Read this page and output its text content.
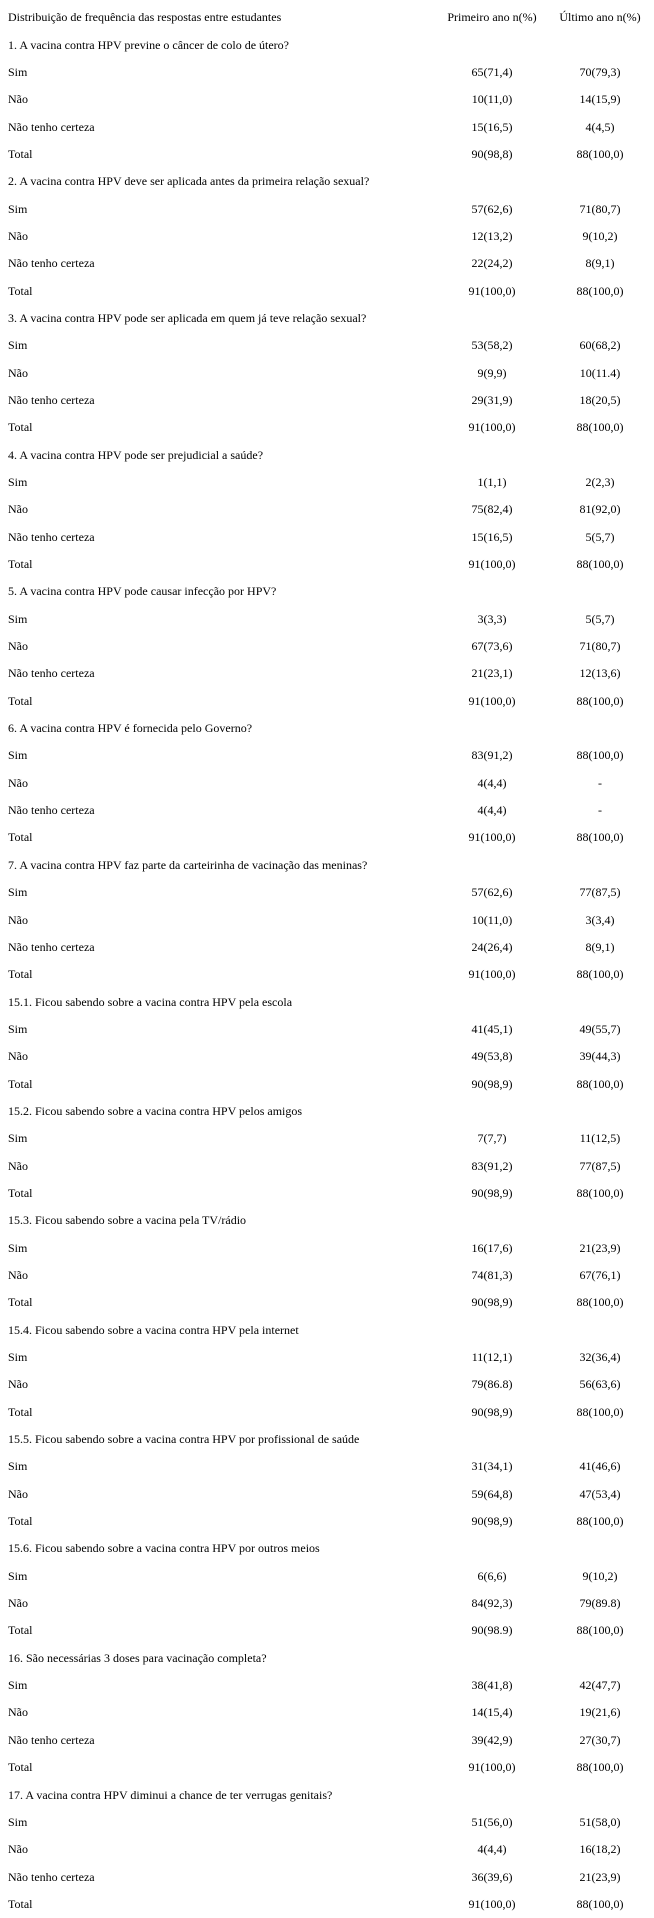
Distribuição de frequência das respostas entre estudantes	Primeiro ano n(%)	Último ano n(%)
1. A vacina contra HPV previne o câncer de colo de útero?
Sim	65(71,4)	70(79,3)
Não	10(11,0)	14(15,9)
Não tenho certeza	15(16,5)	4(4,5)
Total	90(98,8)	88(100,0)
2. A vacina contra HPV deve ser aplicada antes da primeira relação sexual?
Sim	57(62,6)	71(80,7)
Não	12(13,2)	9(10,2)
Não tenho certeza	22(24,2)	8(9,1)
Total	91(100,0)	88(100,0)
3. A vacina contra HPV pode ser aplicada em quem já teve relação sexual?
Sim	53(58,2)	60(68,2)
Não	9(9,9)	10(11.4)
Não tenho certeza	29(31,9)	18(20,5)
Total	91(100,0)	88(100,0)
4. A vacina contra HPV pode ser prejudicial a saúde?
Sim	1(1,1)	2(2,3)
Não	75(82,4)	81(92,0)
Não tenho certeza	15(16,5)	5(5,7)
Total	91(100,0)	88(100,0)
5. A vacina contra HPV pode causar infecção por HPV?
Sim	3(3,3)	5(5,7)
Não	67(73,6)	71(80,7)
Não tenho certeza	21(23,1)	12(13,6)
Total	91(100,0)	88(100,0)
6. A vacina contra HPV é fornecida pelo Governo?
Sim	83(91,2)	88(100,0)
Não	4(4,4)	-
Não tenho certeza	4(4,4)	-
Total	91(100,0)	88(100,0)
7. A vacina contra HPV faz parte da carteirinha de vacinação das meninas?
Sim	57(62,6)	77(87,5)
Não	10(11,0)	3(3,4)
Não tenho certeza	24(26,4)	8(9,1)
Total	91(100,0)	88(100,0)
15.1. Ficou sabendo sobre a vacina contra HPV pela escola
Sim	41(45,1)	49(55,7)
Não	49(53,8)	39(44,3)
Total	90(98,9)	88(100,0)
15.2. Ficou sabendo sobre a vacina contra HPV pelos amigos
Sim	7(7,7)	11(12,5)
Não	83(91,2)	77(87,5)
Total	90(98,9)	88(100,0)
15.3. Ficou sabendo sobre a vacina pela TV/rádio
Sim	16(17,6)	21(23,9)
Não	74(81,3)	67(76,1)
Total	90(98,9)	88(100,0)
15.4. Ficou sabendo sobre a vacina contra HPV pela internet
Sim	11(12,1)	32(36,4)
Não	79(86.8)	56(63,6)
Total	90(98,9)	88(100,0)
15.5. Ficou sabendo sobre a vacina contra HPV por profissional de saúde
Sim	31(34,1)	41(46,6)
Não	59(64,8)	47(53,4)
Total	90(98,9)	88(100,0)
15.6. Ficou sabendo sobre a vacina contra HPV por outros meios
Sim	6(6,6)	9(10,2)
Não	84(92,3)	79(89.8)
Total	90(98.9)	88(100,0)
16. São necessárias 3 doses para vacinação completa?
Sim	38(41,8)	42(47,7)
Não	14(15,4)	19(21,6)
Não tenho certeza	39(42,9)	27(30,7)
Total	91(100,0)	88(100,0)
17. A vacina contra HPV diminui a chance de ter verrugas genitais?
Sim	51(56,0)	51(58,0)
Não	4(4,4)	16(18,2)
Não tenho certeza	36(39,6)	21(23,9)
Total	91(100,0)	88(100,0)
